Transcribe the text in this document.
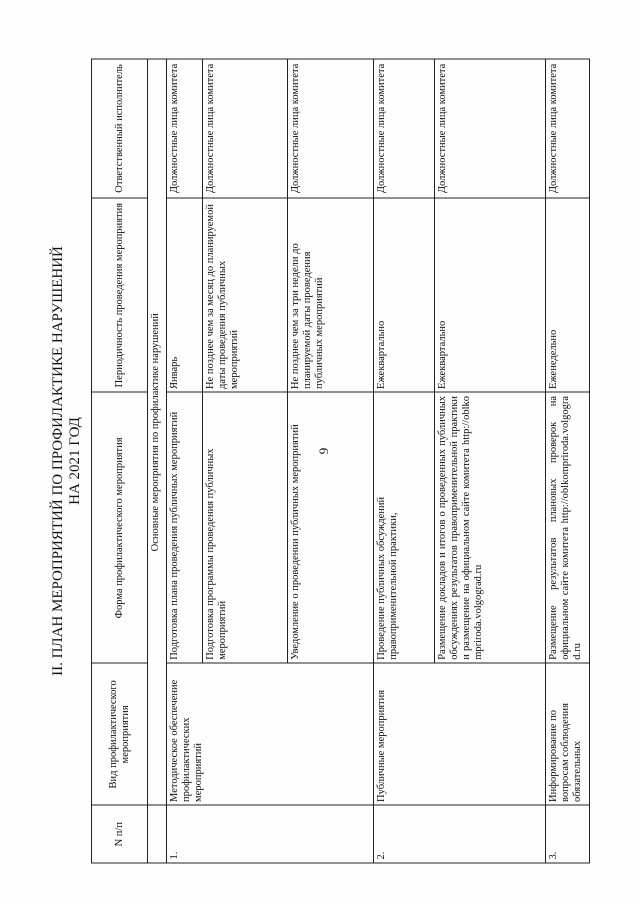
9
II. ПЛАН МЕРОПРИЯТИЙ ПО ПРОФИЛАКТИКЕ НАРУШЕНИЙ НА 2021 ГОД
N п/п	Вид профилактического мероприятия	Форма профилактического мероприятия	Периодичность проведения мероприятия	Ответственный исполнитель
	Основные мероприятия по профилактике нарушений			
1.	Методическое обеспечение профилактических мероприятий	Подготовка плана проведения публичных мероприятий	Январь	Должностные лица комитета
		Подготовка программы проведения публичных мероприятий	Не позднее чем за месяц до планируемой даты проведения публичных мероприятий	Должностные лица комитета
		Уведомление о проведении публичных мероприятий	Не позднее чем за три недели до планируемой даты проведения публичных мероприятий	Должностные лица комитета
2.	Публичные мероприятия	Проведение публичных обсуждений правоприменительной практики,	Ежеквартально	Должностные лица комитета
		Размещение докладов и итогов о проведенных публичных обсуждениях результатов правоприменительной практики и размещение на официальном сайте комитета http://oblkompriroda.volgograd.ru	Ежеквартально	Должностные лица комитета
3.	Информирование по вопросам соблюдения обязательных	Размещение результатов плановых проверок на официальном сайте комитета http://oblkompriroda.volgograd.ru	Еженедельно	Должностные лица комитета
